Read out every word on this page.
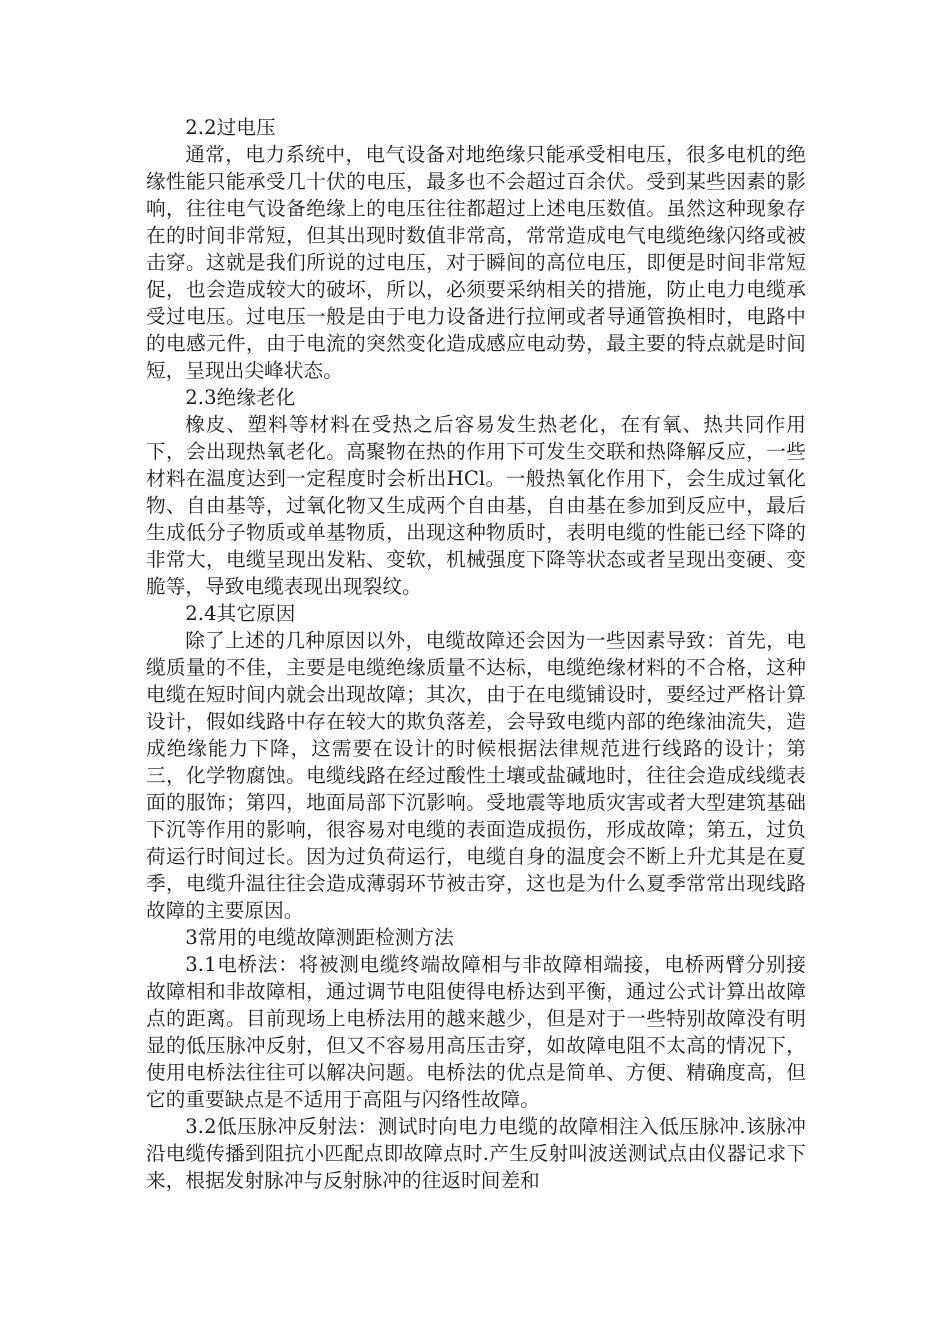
2.2过电压

通常，电力系统中，电气设备对地绝缘只能承受相电压，很多电机的绝缘性能只能承受几十伏的电压，最多也不会超过百余伏。受到某些因素的影响，往往电气设备绝缘上的电压往往都超过上述电压数值。虽然这种现象存在的时间非常短，但其出现时数值非常高，常常造成电气电缆绝缘闪络或被击穿。这就是我们所说的过电压，对于瞬间的高位电压，即便是时间非常短促，也会造成较大的破坏，所以，必须要采纳相关的措施，防止电力电缆承受过电压。过电压一般是由于电力设备进行拉闸或者导通管换相时，电路中的电感元件，由于电流的突然变化造成感应电动势，最主要的特点就是时间短，呈现出尖峰状态。

2.3绝缘老化

橡皮、塑料等材料在受热之后容易发生热老化，在有氧、热共同作用下，会出现热氧老化。高聚物在热的作用下可发生交联和热降解反应，一些材料在温度达到一定程度时会析出HCl。一般热氧化作用下，会生成过氧化物、自由基等，过氧化物又生成两个自由基，自由基在参加到反应中，最后生成低分子物质或单基物质，出现这种物质时，表明电缆的性能已经下降的非常大，电缆呈现出发粘、变软，机械强度下降等状态或者呈现出变硬、变脆等，导致电缆表现出现裂纹。

2.4其它原因

除了上述的几种原因以外，电缆故障还会因为一些因素导致：首先，电缆质量的不佳，主要是电缆绝缘质量不达标，电缆绝缘材料的不合格，这种电缆在短时间内就会出现故障；其次，由于在电缆铺设时，要经过严格计算设计，假如线路中存在较大的欺负落差，会导致电缆内部的绝缘油流失，造成绝缘能力下降，这需要在设计的时候根据法律规范进行线路的设计；第三，化学物腐蚀。电缆线路在经过酸性土壤或盐碱地时，往往会造成线缆表面的服饰；第四，地面局部下沉影响。受地震等地质灾害或者大型建筑基础下沉等作用的影响，很容易对电缆的表面造成损伤，形成故障；第五，过负荷运行时间过长。因为过负荷运行，电缆自身的温度会不断上升尤其是在夏季，电缆升温往往会造成薄弱环节被击穿，这也是为什么夏季常常出现线路故障的主要原因。

3常用的电缆故障测距检测方法

3.1电桥法：将被测电缆终端故障相与非故障相端接，电桥两臂分别接故障相和非故障相，通过调节电阻使得电桥达到平衡，通过公式计算出故障点的距离。目前现场上电桥法用的越来越少，但是对于一些特别故障没有明显的低压脉冲反射，但又不容易用高压击穿，如故障电阻不太高的情况下，使用电桥法往往可以解决问题。电桥法的优点是简单、方便、精确度高，但它的重要缺点是不适用于高阻与闪络性故障。

3.2低压脉冲反射法：测试时向电力电缆的故障相注入低压脉冲.该脉冲沿电缆传播到阻抗小匹配点即故障点时.产生反射叫波送测试点由仪器记求下来，根据发射脉冲与反射脉冲的往返时间差和
